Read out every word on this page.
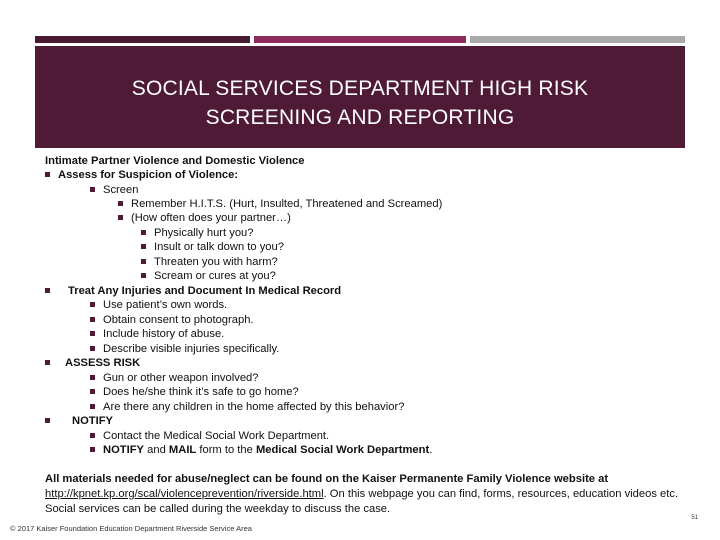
SOCIAL SERVICES DEPARTMENT HIGH RISK
SCREENING AND REPORTING
Intimate Partner Violence and Domestic Violence
Assess for Suspicion of Violence:
Screen
Remember H.I.T.S. (Hurt, Insulted, Threatened and Screamed)
(How often does your partner…)
Physically hurt you?
Insult or talk down to you?
Threaten you with harm?
Scream or cures at you?
Treat Any Injuries and Document In Medical Record
Use patient’s own words.
Obtain consent to photograph.
Include history of abuse.
Describe visible injuries specifically.
ASSESS RISK
Gun or other weapon involved?
Does he/she think it’s safe to go home?
Are there any children in the home affected by this behavior?
NOTIFY
Contact the Medical Social Work Department.
NOTIFY and MAIL form to the Medical Social Work Department.
All materials needed for abuse/neglect can be found on the Kaiser Permanente Family Violence website at http://kpnet.kp.org/scal/violenceprevention/riverside.html. On this webpage you can find, forms, resources, education videos etc. Social services can be called during the weekday to discuss the case.
51
© 2017 Kaiser Foundation Education Department Riverside Service Area
